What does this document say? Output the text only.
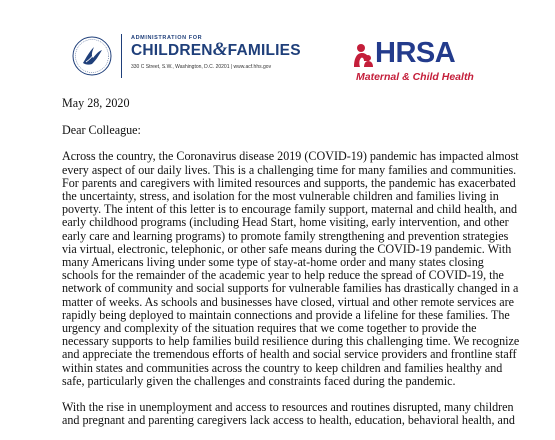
ADMINISTRATION FOR
CHILDREN&FAMILIES
330 C Street, S.W., Washington, D.C. 20201 | www.acf.hhs.gov	HRSA
Maternal & Child Health

May 28, 2020

Dear Colleague:

Across the country, the Coronavirus disease 2019 (COVID-19) pandemic has impacted almost every aspect of our daily lives. This is a challenging time for many families and communities. For parents and caregivers with limited resources and supports, the pandemic has exacerbated the uncertainty, stress, and isolation for the most vulnerable children and families living in poverty. The intent of this letter is to encourage family support, maternal and child health, and early childhood programs (including Head Start, home visiting, early intervention, and other early care and learning programs) to promote family strengthening and prevention strategies via virtual, electronic, telephonic, or other safe means during the COVID-19 pandemic. With many Americans living under some type of stay-at-home order and many states closing schools for the remainder of the academic year to help reduce the spread of COVID-19, the network of community and social supports for vulnerable families has drastically changed in a matter of weeks. As schools and businesses have closed, virtual and other remote services are rapidly being deployed to maintain connections and provide a lifeline for these families. The urgency and complexity of the situation requires that we come together to provide the necessary supports to help families build resilience during this challenging time. We recognize and appreciate the tremendous efforts of health and social service providers and frontline staff within states and communities across the country to keep children and families healthy and safe, particularly given the challenges and constraints faced during the pandemic.

With the rise in unemployment and access to resources and routines disrupted, many children and pregnant and parenting caregivers lack access to health, education, behavioral health, and
